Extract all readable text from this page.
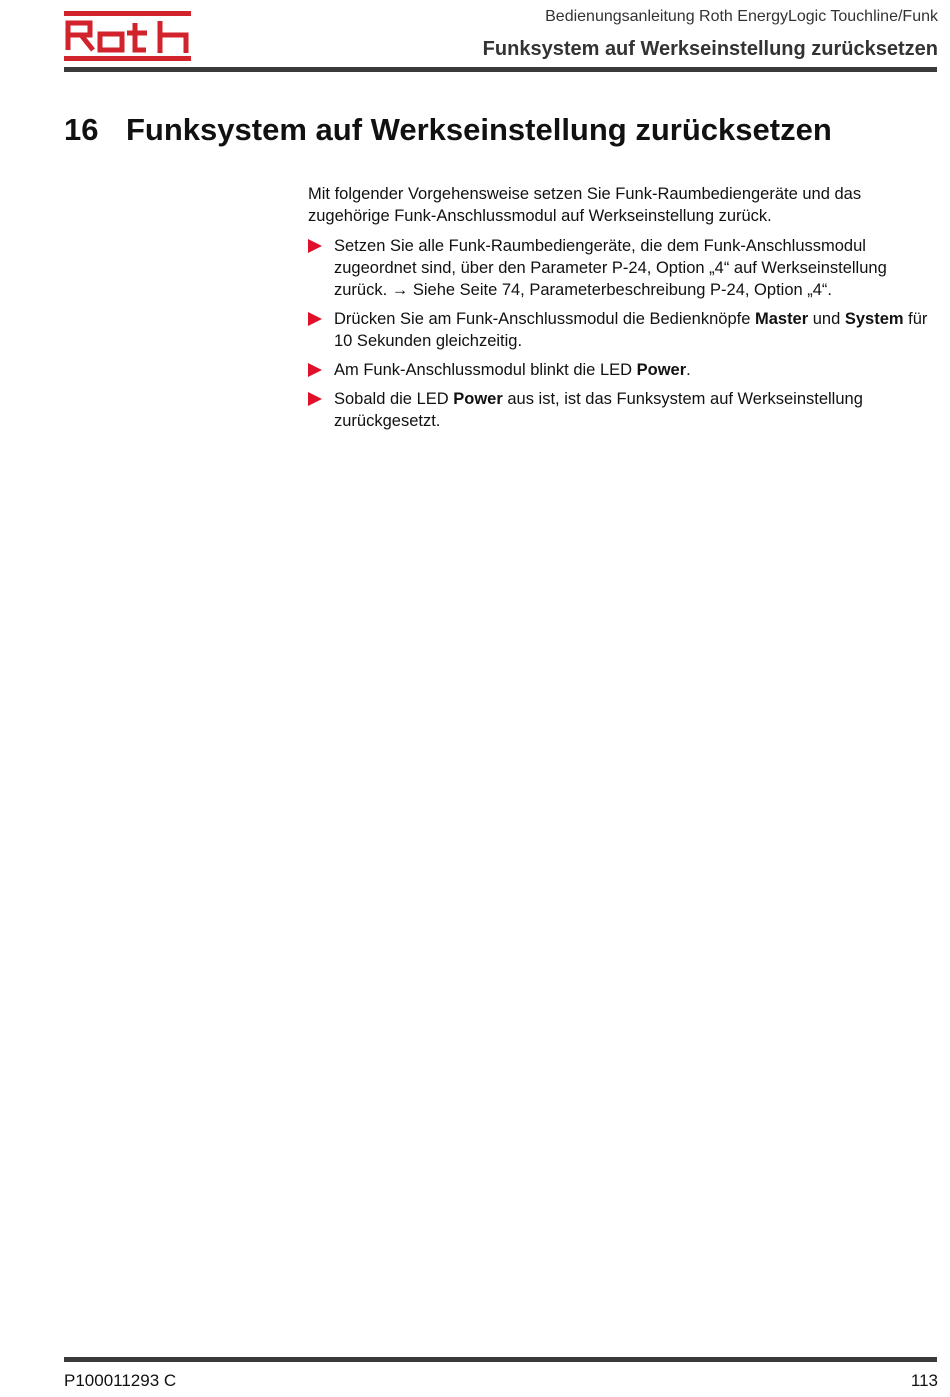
Bedienungsanleitung Roth EnergyLogic Touchline/Funk
Funksystem auf Werkseinstellung zurücksetzen
16 Funksystem auf Werkseinstellung zurücksetzen

Mit folgender Vorgehensweise setzen Sie Funk-Raumbediengeräte und das zugehörige Funk-Anschlussmodul auf Werkseinstellung zurück.

Setzen Sie alle Funk-Raumbediengeräte, die dem Funk-Anschlussmodul zugeordnet sind, über den Parameter P-24, Option „4“ auf Werkseinstellung zurück. → Siehe Seite 74, Parameterbeschreibung P-24, Option „4“.
Drücken Sie am Funk-Anschlussmodul die Bedienknöpfe Master und System für 10 Sekunden gleichzeitig.
Am Funk-Anschlussmodul blinkt die LED Power.
Sobald die LED Power aus ist, ist das Funksystem auf Werkseinstellung zurückgesetzt.
P100011293 C	113
